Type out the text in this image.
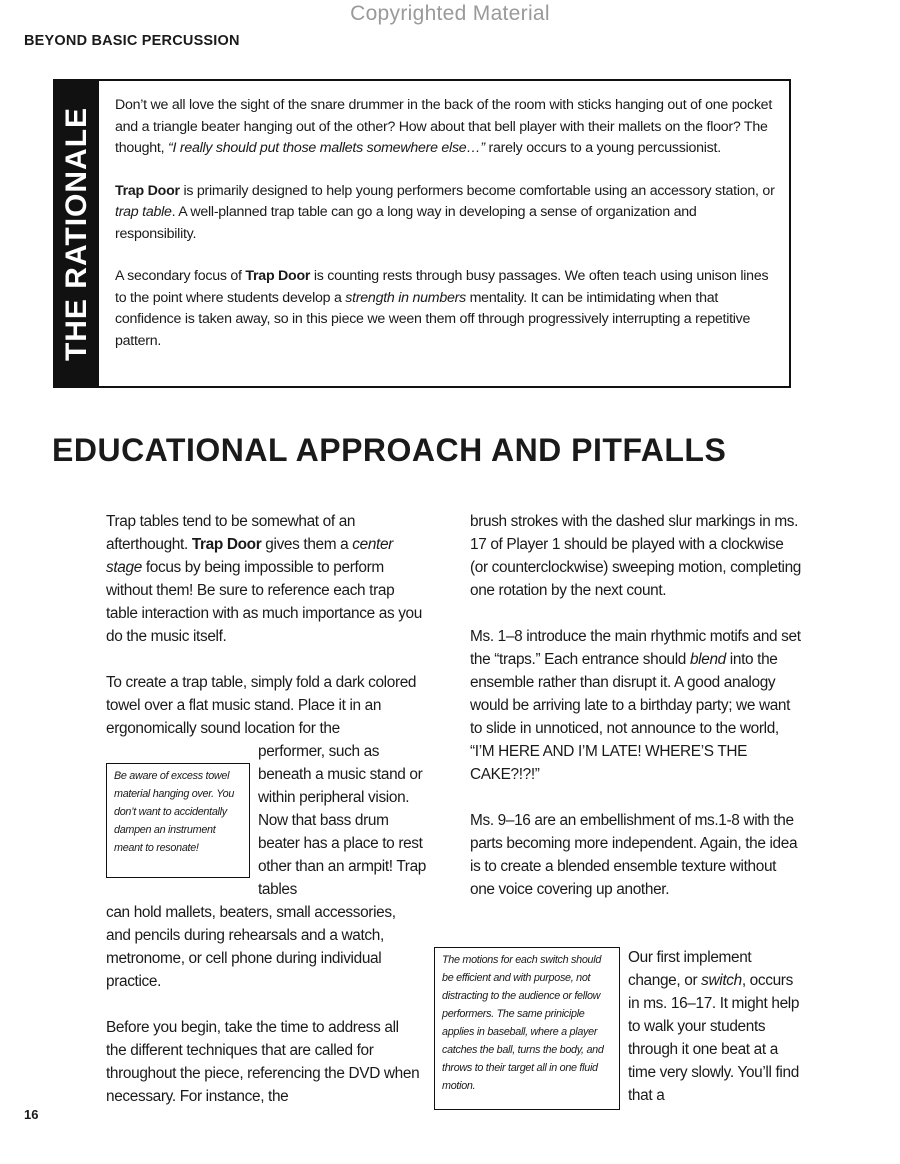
Copyrighted Material
BEYOND BASIC PERCUSSION
THE RATIONALE

Don’t we all love the sight of the snare drummer in the back of the room with sticks hanging out of one pocket and a triangle beater hanging out of the other? How about that bell player with their mallets on the floor? The thought, “I really should put those mallets somewhere else…” rarely occurs to a young percussionist.

Trap Door is primarily designed to help young performers become comfortable using an accessory station, or trap table. A well-planned trap table can go a long way in developing a sense of organization and responsibility.

A secondary focus of Trap Door is counting rests through busy passages. We often teach using unison lines to the point where students develop a strength in numbers mentality. It can be intimidating when that confidence is taken away, so in this piece we ween them off through progressively interrupting a repetitive pattern.

EDUCATIONAL APPROACH AND PITFALLS

Trap tables tend to be somewhat of an afterthought. Trap Door gives them a center stage focus by being impossible to perform without them! Be sure to reference each trap table interaction with as much importance as you do the music itself.

To create a trap table, simply fold a dark colored towel over a flat music stand. Place it in an ergonomically sound location for the

performer, such as beneath a music stand or within peripheral vision. Now that bass drum beater has a place to rest other than an armpit! Trap tables

Be aware of excess towel material hanging over. You don’t want to accidentally dampen an instrument meant to resonate!

can hold mallets, beaters, small accessories, and pencils during rehearsals and a watch, metronome, or cell phone during individual practice.

Before you begin, take the time to address all the different techniques that are called for throughout the piece, referencing the DVD when necessary. For instance, the

brush strokes with the dashed slur markings in ms. 17 of Player 1 should be played with a clockwise (or counterclockwise) sweeping motion, completing one rotation by the next count.

Ms. 1–8 introduce the main rhythmic motifs and set the “traps.” Each entrance should blend into the ensemble rather than disrupt it. A good analogy would be arriving late to a birthday party; we want to slide in unnoticed, not announce to the world, “I’M HERE AND I’M LATE! WHERE’S THE CAKE?!?!”

Ms. 9–16 are an embellishment of ms.1-8 with the parts becoming more independent. Again, the idea is to create a blended ensemble texture without one voice covering up another.

The motions for each switch should be efficient and with purpose, not distracting to the audience or fellow performers. The same priniciple applies in baseball, where a player catches the ball, turns the body, and throws to their target all in one fluid motion.

Our first implement change, or switch, occurs in ms. 16–17. It might help to walk your students through it one beat at a time very slowly. You’ll find that a

16
